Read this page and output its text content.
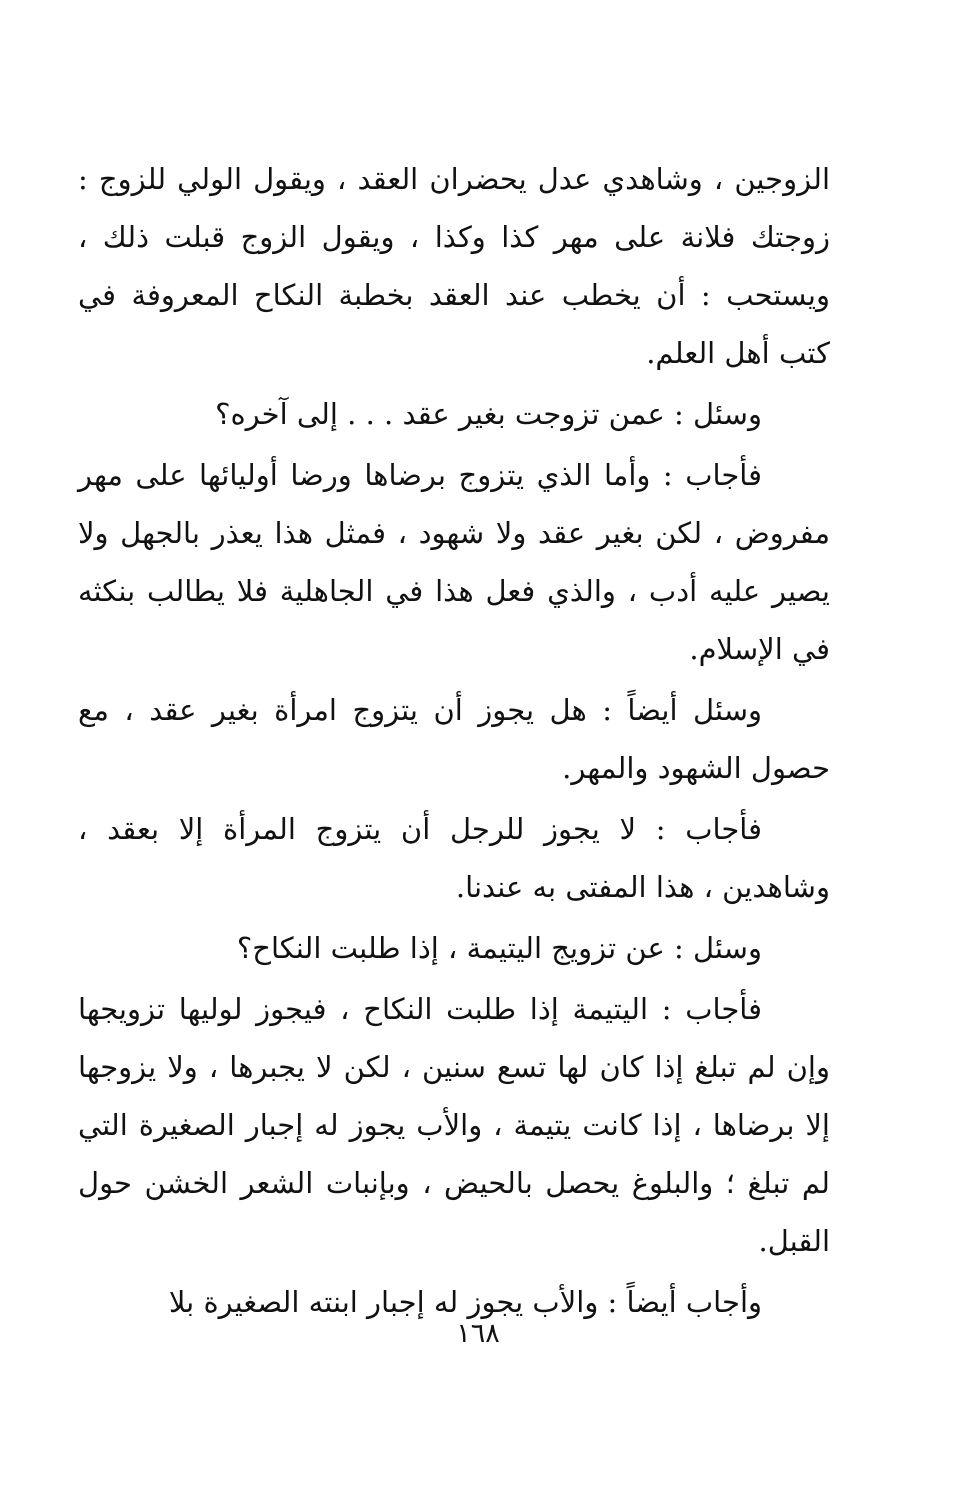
الزوجين ، وشاهدي عدل يحضران العقد ، ويقول الولي للزوج : زوجتك فلانة على مهر كذا وكذا ، ويقول الزوج قبلت ذلك ، ويستحب : أن يخطب عند العقد بخطبة النكاح المعروفة في كتب أهل العلم.

وسئل : عمن تزوجت بغير عقد . . . إلى آخره؟

فأجاب : وأما الذي يتزوج برضاها ورضا أوليائها على مهر مفروض ، لكن بغير عقد ولا شهود ، فمثل هذا يعذر بالجهل ولا يصير عليه أدب ، والذي فعل هذا في الجاهلية فلا يطالب بنكثه في الإسلام.

وسئل أيضاً : هل يجوز أن يتزوج امرأة بغير عقد ، مع حصول الشهود والمهر.

فأجاب : لا يجوز للرجل أن يتزوج المرأة إلا بعقد ، وشاهدين ، هذا المفتى به عندنا.

وسئل : عن تزويج اليتيمة ، إذا طلبت النكاح؟

فأجاب : اليتيمة إذا طلبت النكاح ، فيجوز لوليها تزويجها وإن لم تبلغ إذا كان لها تسع سنين ، لكن لا يجبرها ، ولا يزوجها إلا برضاها ، إذا كانت يتيمة ، والأب يجوز له إجبار الصغيرة التي لم تبلغ ؛ والبلوغ يحصل بالحيض ، وبإنبات الشعر الخشن حول القبل.

وأجاب أيضاً : والأب يجوز له إجبار ابنته الصغيرة بلا

١٦٨
